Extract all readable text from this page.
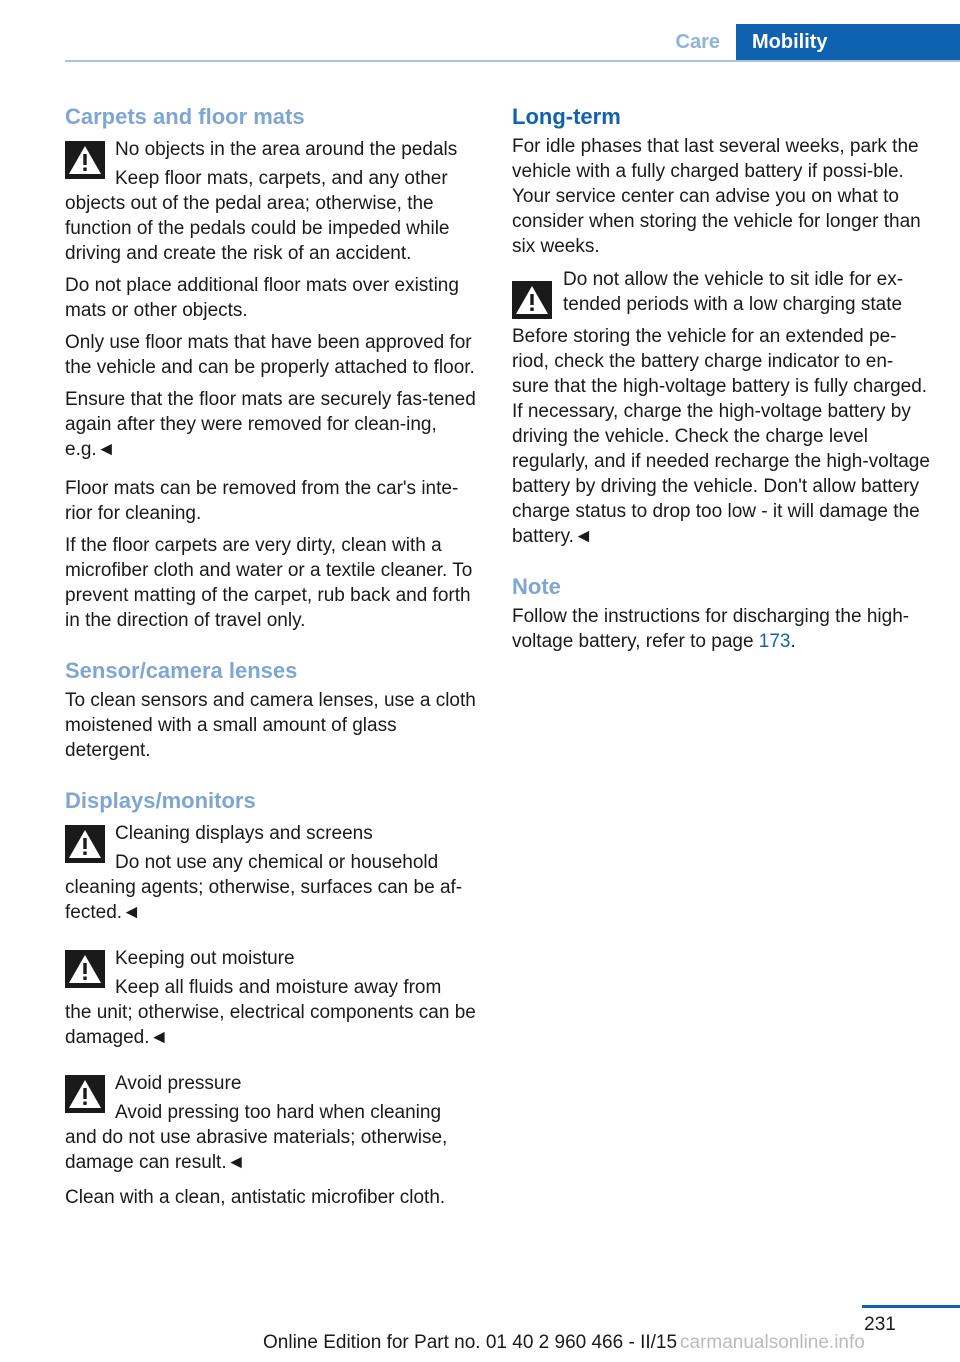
Care	Mobility
Carpets and floor mats
No objects in the area around the pedals
Keep floor mats, carpets, and any other
objects out of the pedal area; otherwise, the function of the pedals could be impeded while driving and create the risk of an accident.

Do not place additional floor mats over existing mats or other objects.

Only use floor mats that have been approved for the vehicle and can be properly attached to floor.

Ensure that the floor mats are securely fas‐tened again after they were removed for clean‐ing, e.g.◄

Floor mats can be removed from the car's inte‐rior for cleaning.

If the floor carpets are very dirty, clean with a microfiber cloth and water or a textile cleaner. To prevent matting of the carpet, rub back and forth in the direction of travel only.

Sensor/camera lenses

To clean sensors and camera lenses, use a cloth moistened with a small amount of glass detergent.

Displays/monitors
Cleaning displays and screens
Do not use any chemical or household
cleaning agents; otherwise, surfaces can be af‐fected.◄
Keeping out moisture
Keep all fluids and moisture away from
the unit; otherwise, electrical components can be damaged.◄
Avoid pressure
Avoid pressing too hard when cleaning
and do not use abrasive materials; otherwise, damage can result.◄

Clean with a clean, antistatic microfiber cloth.

Long-term

For idle phases that last several weeks, park the vehicle with a fully charged battery if possi‐ble. Your service center can advise you on what to consider when storing the vehicle for longer than six weeks.

Do not allow the vehicle to sit idle for ex‐tended periods with a low charging state

Before storing the vehicle for an extended pe‐riod, check the battery charge indicator to en‐sure that the high-voltage battery is fully charged. If necessary, charge the high-voltage battery by driving the vehicle. Check the charge level regularly, and if needed recharge the high-voltage battery by driving the vehicle. Don't allow battery charge status to drop too low - it will damage the battery.◄

Note

Follow the instructions for discharging the high-voltage battery, refer to page 173.

231
Online Edition for Part no. 01 40 2 960 466 - II/15 carmanualsonline.info
